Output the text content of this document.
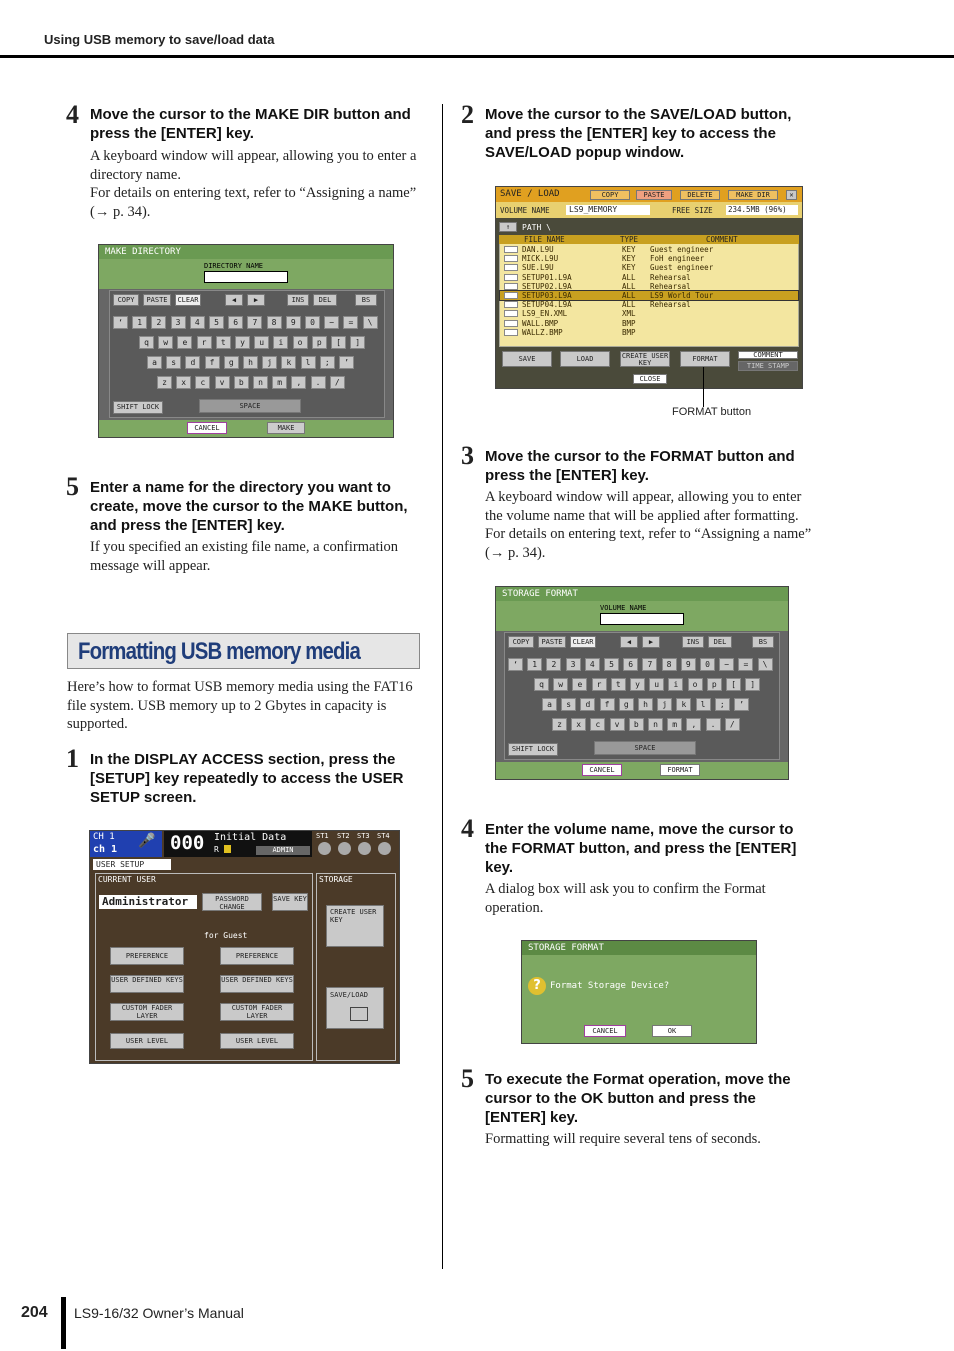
Using USB memory to save/load data
4 Move the cursor to the MAKE DIR button and press the [ENTER] key.
A keyboard window will appear, allowing you to enter a directory name.
For details on entering text, refer to “Assigning a name” (→ p. 34).
MAKE DIRECTORY
DIRECTORY NAME
COPY	PASTE	CLEAR	◀	▶	INS	DEL	BS
SHIFT LOCK	SPACE
CANCEL	MAKE
‘	1	2	3	4	5	6	7	8	9	0	−	=	\
q	w	e	r	t	y	u	i	o	p	[	]
a	s	d	f	g	h	j	k	l	;	’
z	x	c	v	b	n	m	,	.	/
5 Enter a name for the directory you want to create, move the cursor to the MAKE button, and press the [ENTER] key.
If you specified an existing file name, a confirmation message will appear.
Formatting USB memory media
Here’s how to format USB memory media using the FAT16 file system. USB memory up to 2 Gbytes in capacity is supported.
1 In the DISPLAY ACCESS section, press the [SETUP] key repeatedly to access the USER SETUP screen.
CH 1
ch 1
🎤 000 Initial Data
R	ADMIN
ST1 ST2 ST3 ST4
USER SETUP
CURRENT USER
Administrator	PASSWORD CHANGE
SAVE KEY
for Guest
PREFERENCE
USER DEFINED KEYS
CUSTOM FADER LAYER
USER LEVEL
PREFERENCE
USER DEFINED KEYS
CUSTOM FADER LAYER
USER LEVEL
STORAGE
CREATE USER KEY
SAVE/LOAD
2 Move the cursor to the SAVE/LOAD button, and press the [ENTER] key to access the SAVE/LOAD popup window.
SAVE / LOAD	COPY	PASTE	DELETE	MAKE DIR	✕
VOLUME NAME	LS9_MEMORY	FREE SIZE 234.5MB (96%)
↑	PATH \
FILE NAME	TYPE	COMMENT
SAVE	LOAD	CREATE USER KEY	FORMAT	COMMENT
TIME STAMP
CLOSE
DAN.L9U	KEY Guest engineer
MICK.L9U	KEY FoH engineer
SUE.L9U	KEY Guest engineer
SETUP01.L9A	ALL Rehearsal
SETUP02.L9A	ALL Rehearsal
SETUP03.L9A	ALL LS9 World Tour
SETUP04.L9A	ALL Rehearsal
LS9_EN.XML	XML
WALL.BMP	BMP
WALLZ.BMP	BMP
FORMAT button
3 Move the cursor to the FORMAT button and press the [ENTER] key.
A keyboard window will appear, allowing you to enter the volume name that will be applied after formatting.
For details on entering text, refer to “Assigning a name” (→ p. 34).
STORAGE FORMAT
VOLUME NAME
COPY	PASTE	CLEAR	◀	▶	INS	DEL	BS
SHIFT LOCK	SPACE
CANCEL	FORMAT
‘	1	2	3	4	5	6	7	8	9	0	−	=	\
q	w	e	r	t	y	u	i	o	p	[	]
a	s	d	f	g	h	j	k	l	;	’
z	x	c	v	b	n	m	,	.	/
4 Enter the volume name, move the cursor to the FORMAT button, and press the [ENTER] key.
A dialog box will ask you to confirm the Format operation.
STORAGE FORMAT
?	Format Storage Device?
CANCEL	OK
5 To execute the Format operation, move the cursor to the OK button and press the [ENTER] key.
Formatting will require several tens of seconds.
204 LS9-16/32 Owner’s Manual
